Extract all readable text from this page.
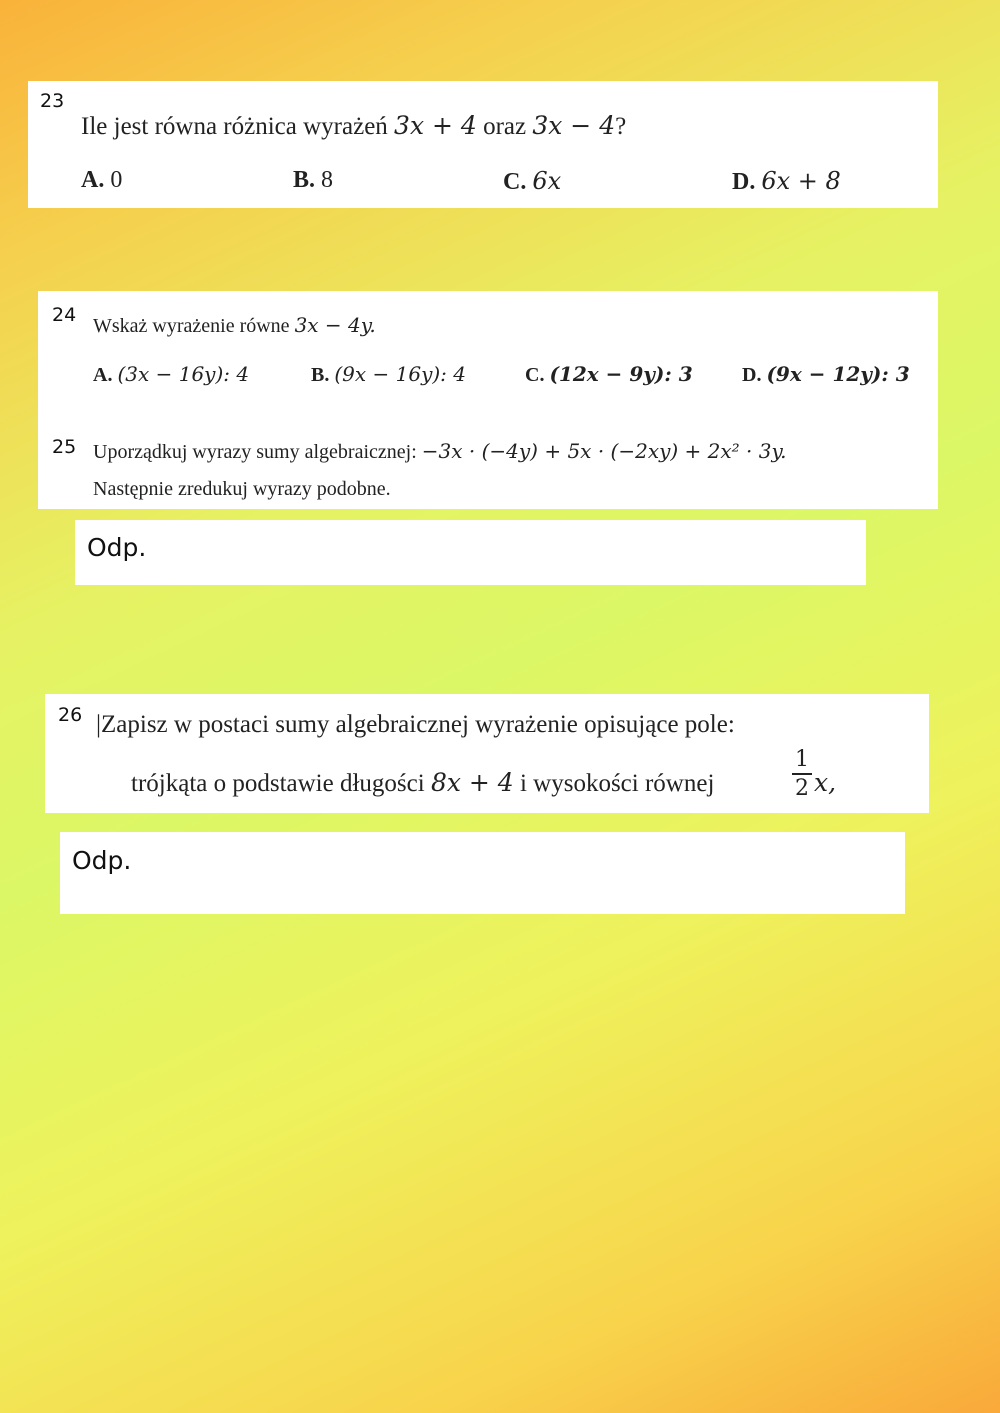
23
Ile jest równa różnica wyrażeń 3x + 4 oraz 3x − 4?
A. 0	B. 8	C. 6x	D. 6x + 8
24 Wskaż wyrażenie równe 3x − 4y.
A. (3x − 16y): 4	B. (9x − 16y): 4	C. (12x − 9y): 3 D. (9x − 12y): 3
25 Uporządkuj wyrazy sumy algebraicznej: −3x · (−4y) + 5x · (−2xy) + 2x² · 3y.
Następnie zredukuj wyrazy podobne.
Odp.
26 |Zapisz w postaci sumy algebraicznej wyrażenie opisujące pole:
trójkąta o podstawie długości 8x + 4 i wysokości równej
1
2 x,
Odp.
